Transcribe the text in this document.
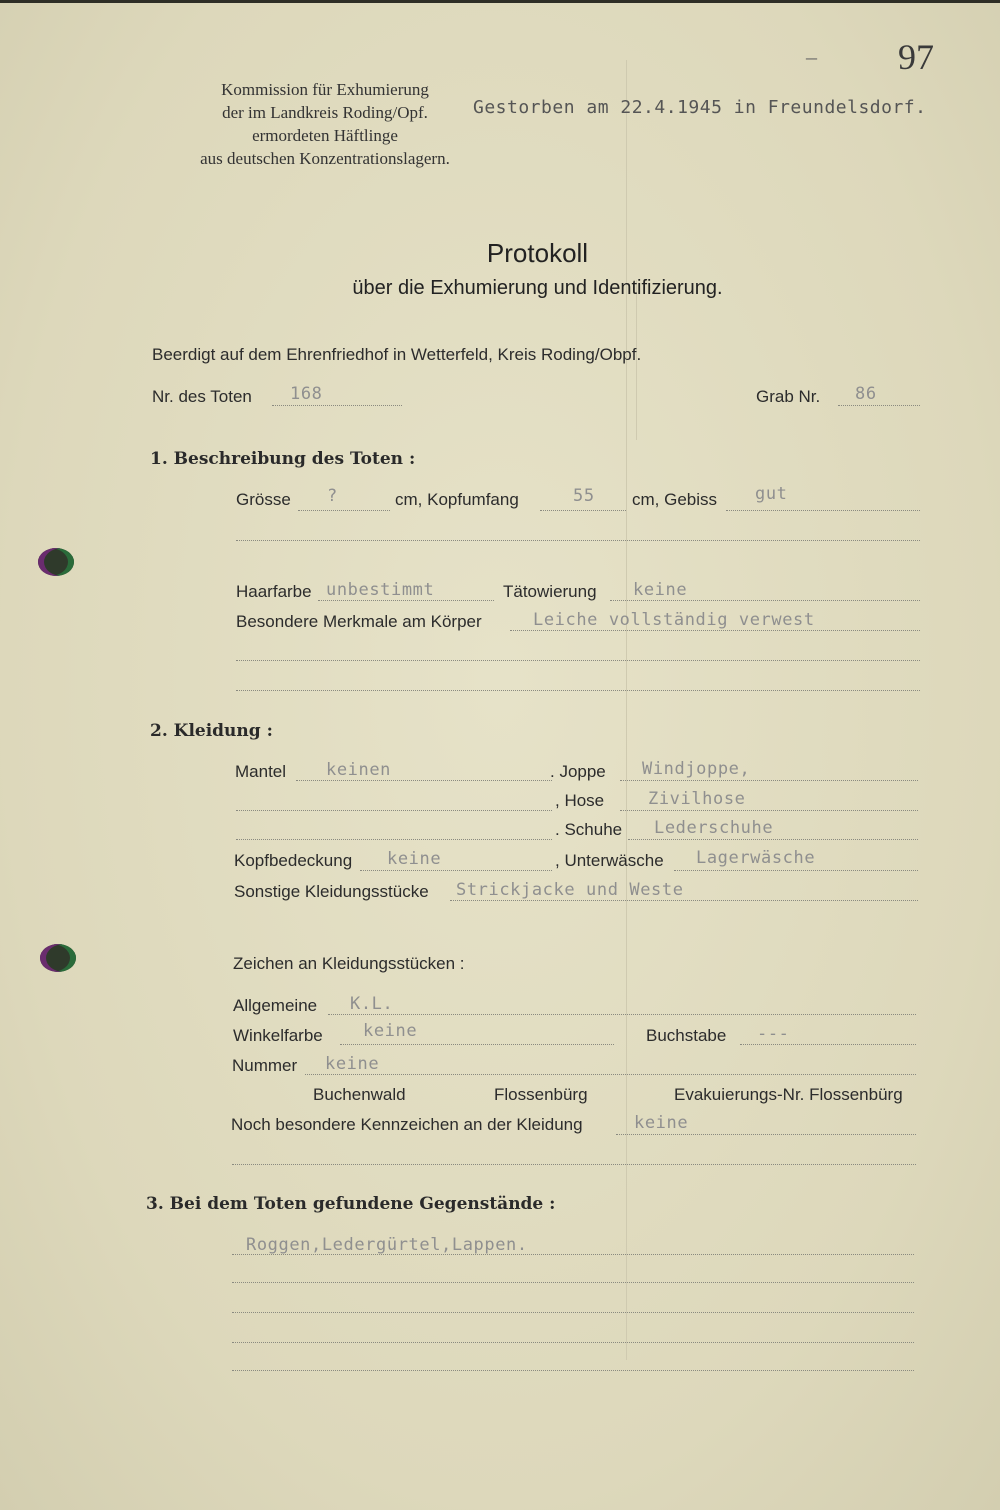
– 97
Kommission für Exhumierung
der im Landkreis Roding/Opf.
ermordeten Häftlinge
aus deutschen Konzentrationslagern.
Gestorben am 22.4.1945 in Freundelsdorf.
Protokoll
über die Exhumierung und Identifizierung.
Beerdigt auf dem Ehrenfriedhof in Wetterfeld, Kreis Roding/Obpf.
Nr. des Toten 168	Grab Nr. 86
1. Beschreibung des Toten :
Grösse ?	cm, Kopfumfang	55 cm, Gebiss gut
Haarfarbe unbestimmt	Tätowierung keine
Besondere Merkmale am Körper	Leiche vollständig verwest
2. Kleidung :
Mantel keinen	. Joppe Windjoppe,
, Hose	Zivilhose
. Schuhe Lederschuhe
Kopfbedeckung keine	, Unterwäsche Lagerwäsche
Sonstige Kleidungsstücke Strickjacke und Weste
Zeichen an Kleidungsstücken :
Allgemeine K.L.
Winkelfarbe keine	Buchstabe ---
Nummer keine
Buchenwald	Flossenbürg	Evakuierungs-Nr. Flossenbürg
Noch besondere Kennzeichen an der Kleidung	keine
3. Bei dem Toten gefundene Gegenstände :
Roggen,Ledergürtel,Lappen.
